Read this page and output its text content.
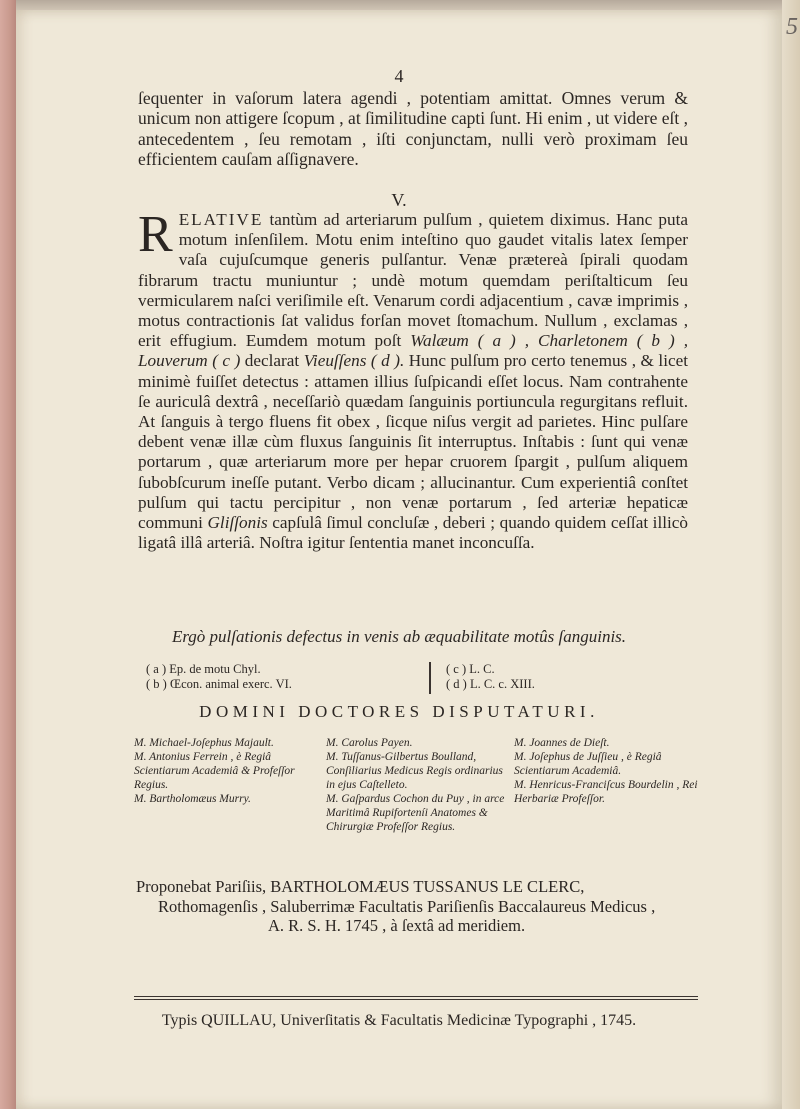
5
4

ſequenter in vaſorum latera agendi , potentiam amittat. Omnes verum & unicum non attigere ſcopum , at ſimilitudine capti ſunt. Hi enim , ut videre eſt , antecedentem , ſeu remotam , iſti conjunctam, nulli verò proximam ſeu efficientem cauſam aſſignavere.

V.
RELATIVE tantùm ad arteriarum pulſum , quietem diximus. Hanc puta motum inſenſilem. Motu enim inteſtino quo gaudet vitalis latex ſemper vaſa cujuſcumque generis pulſantur. Venæ prætereà ſpirali quodam fibrarum tractu muniuntur ; undè motum quemdam periſtalticum ſeu vermicularem naſci veriſimile eſt. Venarum cordi adjacentium , cavæ imprimis , motus contractionis ſat validus forſan movet ſtomachum. Nullum , exclamas , erit effugium. Eumdem motum poſt Walæum ( a ) , Charletonem ( b ) , Louverum ( c ) declarat Vieuſſens ( d ). Hunc pulſum pro certo tenemus , & licet minimè fuiſſet detectus : attamen illius ſuſpicandi eſſet locus. Nam contrahente ſe auriculâ dextrâ , neceſſariò quædam ſanguinis portiuncula regurgitans refluit. At ſanguis à tergo fluens fit obex , ſicque niſus vergit ad parietes. Hinc pulſare debent venæ illæ cùm fluxus ſanguinis ſit interruptus. Inſtabis : ſunt qui venæ portarum , quæ arteriarum more per hepar cruorem ſpargit , pulſum aliquem ſubobſcurum ineſſe putant. Verbo dicam ; allucinantur. Cum experientiâ conſtet pulſum qui tactu percipitur , non venæ portarum , ſed arteriæ hepaticæ communi Gliſſonis capſulâ ſimul concluſæ , deberi ; quando quidem ceſſat illicò ligatâ illâ arteriâ. Noſtra igitur ſententia manet inconcuſſa.
Ergò pulſationis defectus in venis ab æquabilitate motûs ſanguinis.
( a ) Ep. de motu Chyl.
( b ) Œcon. animal exerc. VI.
( c ) L. C.
( d ) L. C. c. XIII.
DOMINI DOCTORES DISPUTATURI.
M. Michael-Joſephus Majault.
M. Antonius Ferrein , è Regiâ Scientiarum Academiâ & Profeſſor Regius.
M. Bartholomæus Murry.
M. Carolus Payen.
M. Tuſſanus-Gilbertus Boulland, Conſiliarius Medicus Regis ordinarius in ejus Caſtelleto.
M. Gaſpardus Cochon du Puy , in arce Maritimâ Rupiforteníi Anatomes & Chirurgiæ Profeſſor Regius.
M. Joannes de Dieſt.
M. Joſephus de Juſſieu , è Regiâ Scientiarum Academiâ.
M. Henricus-Franciſcus Bourdelin , Rei Herbariæ Profeſſor.
Proponebat Pariſiis, BARTHOLOMÆUS TUSSANUS LE CLERC,
Rothomagenſis , Saluberrimæ Facultatis Pariſienſis Baccalaureus Medicus ,
A. R. S. H. 1745 , à ſextâ ad meridiem.
Typis QUILLAU, Univerſitatis & Facultatis Medicinæ Typographi , 1745.
